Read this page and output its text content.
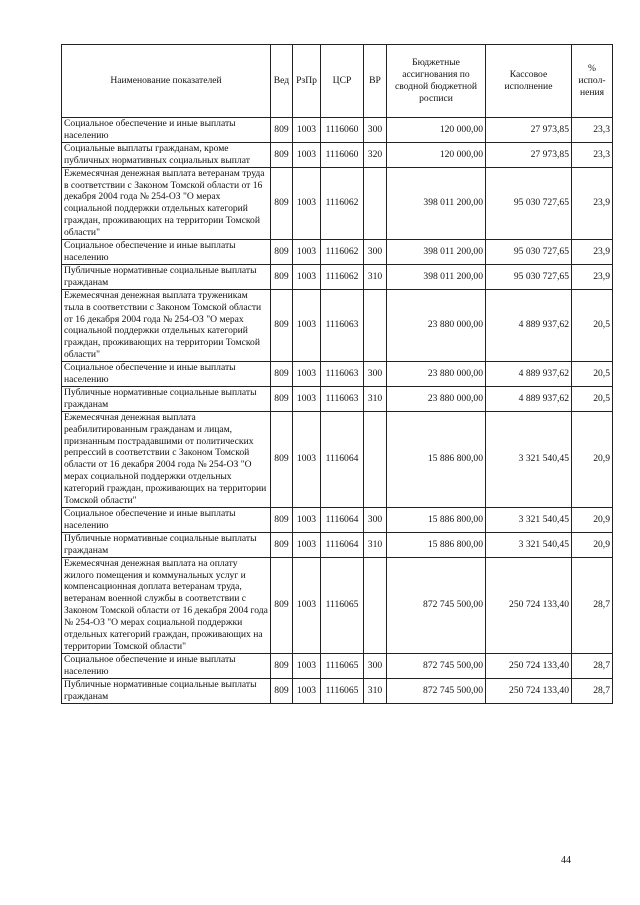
Наименование показателей	Вед	РзПр	ЦСР	ВР	Бюджетные ассигнования по сводной бюджетной росписи	Кассовое исполнение	% испол-нения
Социальное обеспечение и иные выплаты населению	809	1003	1116060	300	120 000,00	27 973,85	23,3
Социальные выплаты гражданам, кроме публичных нормативных социальных выплат	809	1003	1116060	320	120 000,00	27 973,85	23,3
Ежемесячная денежная выплата ветеранам труда в соответствии с Законом Томской области от 16 декабря 2004 года № 254-ОЗ "О мерах социальной поддержки отдельных категорий граждан, проживающих на территории Томской области"	809	1003	1116062		398 011 200,00	95 030 727,65	23,9
Социальное обеспечение и иные выплаты населению	809	1003	1116062	300	398 011 200,00	95 030 727,65	23,9
Публичные нормативные социальные выплаты гражданам	809	1003	1116062	310	398 011 200,00	95 030 727,65	23,9
Ежемесячная денежная выплата труженикам тыла в соответствии с Законом Томской области от 16 декабря 2004 года № 254-ОЗ "О мерах социальной поддержки отдельных категорий граждан, проживающих на территории Томской области"	809	1003	1116063		23 880 000,00	4 889 937,62	20,5
Социальное обеспечение и иные выплаты населению	809	1003	1116063	300	23 880 000,00	4 889 937,62	20,5
Публичные нормативные социальные выплаты гражданам	809	1003	1116063	310	23 880 000,00	4 889 937,62	20,5
Ежемесячная денежная выплата реабилитированным гражданам и лицам, признанным пострадавшими от политических репрессий в соответствии с Законом Томской области от 16 декабря 2004 года № 254-ОЗ "О мерах социальной поддержки отдельных категорий граждан, проживающих на территории Томской области"	809	1003	1116064		15 886 800,00	3 321 540,45	20,9
Социальное обеспечение и иные выплаты населению	809	1003	1116064	300	15 886 800,00	3 321 540,45	20,9
Публичные нормативные социальные выплаты гражданам	809	1003	1116064	310	15 886 800,00	3 321 540,45	20,9
Ежемесячная денежная выплата на оплату жилого помещения и коммунальных услуг и компенсационная доплата ветеранам труда, ветеранам военной службы в соответствии с Законом Томской области от 16 декабря 2004 года № 254-ОЗ "О мерах социальной поддержки отдельных категорий граждан, проживающих на территории Томской области"	809	1003	1116065		872 745 500,00	250 724 133,40	28,7
Социальное обеспечение и иные выплаты населению	809	1003	1116065	300	872 745 500,00	250 724 133,40	28,7
Публичные нормативные социальные выплаты гражданам	809	1003	1116065	310	872 745 500,00	250 724 133,40	28,7
44
